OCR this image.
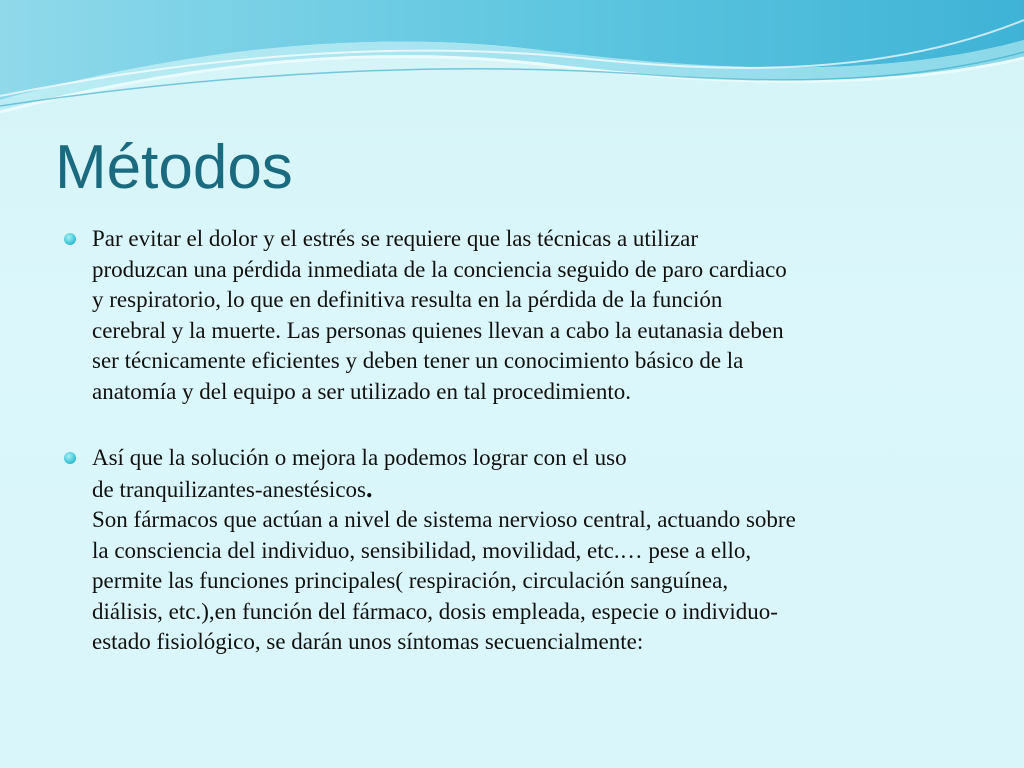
Métodos
Par evitar el dolor y el estrés se requiere que las técnicas a utilizar
produzcan una pérdida inmediata de la conciencia seguido de paro cardiaco
y respiratorio, lo que en definitiva resulta en la pérdida de la función
cerebral y la muerte. Las personas quienes llevan a cabo la eutanasia deben
ser técnicamente eficientes y deben tener un conocimiento básico de la
anatomía y del equipo a ser utilizado en tal procedimiento.
Así que la solución o mejora la podemos lograr con el uso
de tranquilizantes-anestésicos.
Son fármacos que actúan a nivel de sistema nervioso central, actuando sobre
la consciencia del individuo, sensibilidad, movilidad, etc.… pese a ello,
permite las funciones principales( respiración, circulación sanguínea,
diálisis, etc.),en función del fármaco, dosis empleada, especie o individuo-
estado fisiológico, se darán unos síntomas secuencialmente:
